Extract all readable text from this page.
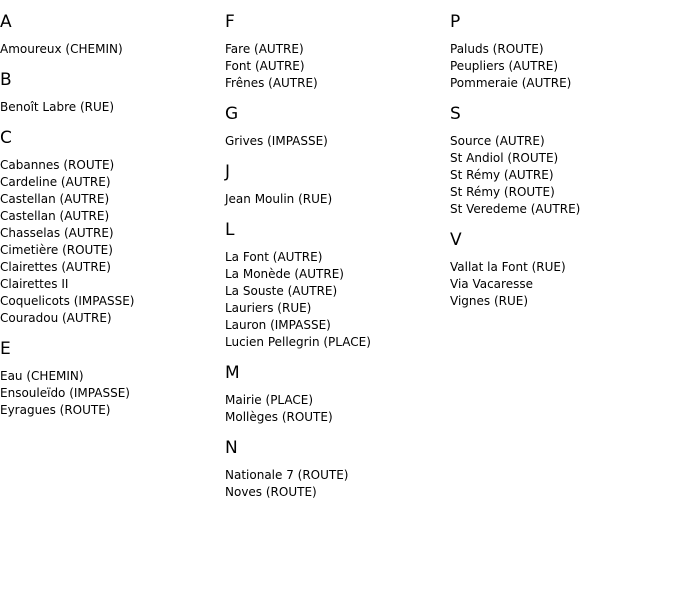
A
Amoureux (CHEMIN)
B
Benoît Labre (RUE)
C
Cabannes (ROUTE)
Cardeline (AUTRE)
Castellan (AUTRE)
Castellan (AUTRE)
Chasselas (AUTRE)
Cimetière (ROUTE)
Clairettes (AUTRE)
Clairettes II
Coquelicots (IMPASSE)
Couradou (AUTRE)
E
Eau (CHEMIN)
Ensouleïdo (IMPASSE)
Eyragues (ROUTE)
F
Fare (AUTRE)
Font (AUTRE)
Frênes (AUTRE)
G
Grives (IMPASSE)
J
Jean Moulin (RUE)
L
La Font (AUTRE)
La Monède (AUTRE)
La Souste (AUTRE)
Lauriers (RUE)
Lauron (IMPASSE)
Lucien Pellegrin (PLACE)
M
Mairie (PLACE)
Mollèges (ROUTE)
N
Nationale 7 (ROUTE)
Noves (ROUTE)
P
Paluds (ROUTE)
Peupliers (AUTRE)
Pommeraie (AUTRE)
S
Source (AUTRE)
St Andiol (ROUTE)
St Rémy (AUTRE)
St Rémy (ROUTE)
St Veredeme (AUTRE)
V
Vallat la Font (RUE)
Via Vacaresse
Vignes (RUE)
